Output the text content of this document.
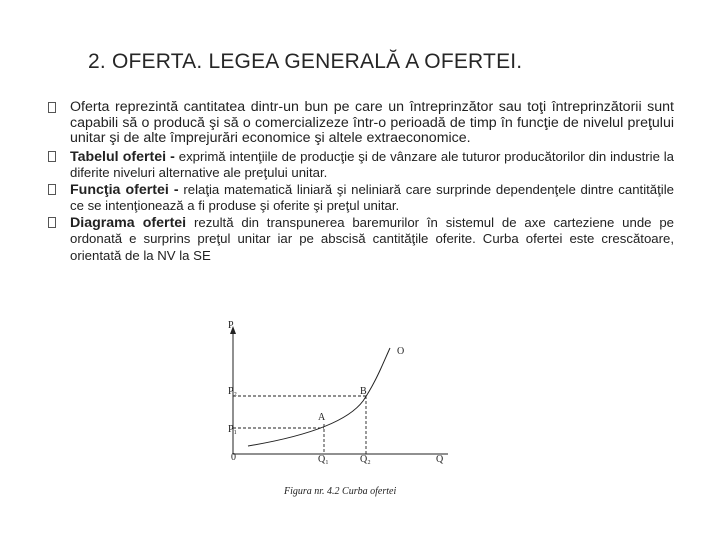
2. OFERTA. LEGEA GENERALĂ A OFERTEI.
Oferta reprezintă cantitatea dintr-un bun pe care un întreprinzător sau toţi întreprinzătorii sunt capabili să o producă şi să o comercializeze într-o perioadă de timp în funcţie de nivelul preţului unitar şi de alte împrejurări economice şi altele extraeconomice.
Tabelul ofertei - exprimă intenţiile de producţie şi de vânzare ale tuturor producătorilor din industrie la diferite niveluri alternative ale preţului unitar.
Funcţia ofertei - relaţia matematică liniară şi neliniară care surprinde dependenţele dintre cantităţile ce se intenţionează a fi produse şi oferite şi preţul unitar.
Diagrama ofertei rezultă din transpunerea baremurilor în sistemul de axe carteziene unde pe ordonată e surprins preţul unitar iar pe abscisă cantităţile oferite. Curba ofertei este crescătoare, orientată de la NV la SE
P
O
P₂
P₁
B
A
0	Q₁	Q₂	Q
Figura nr. 4.2 Curba ofertei
